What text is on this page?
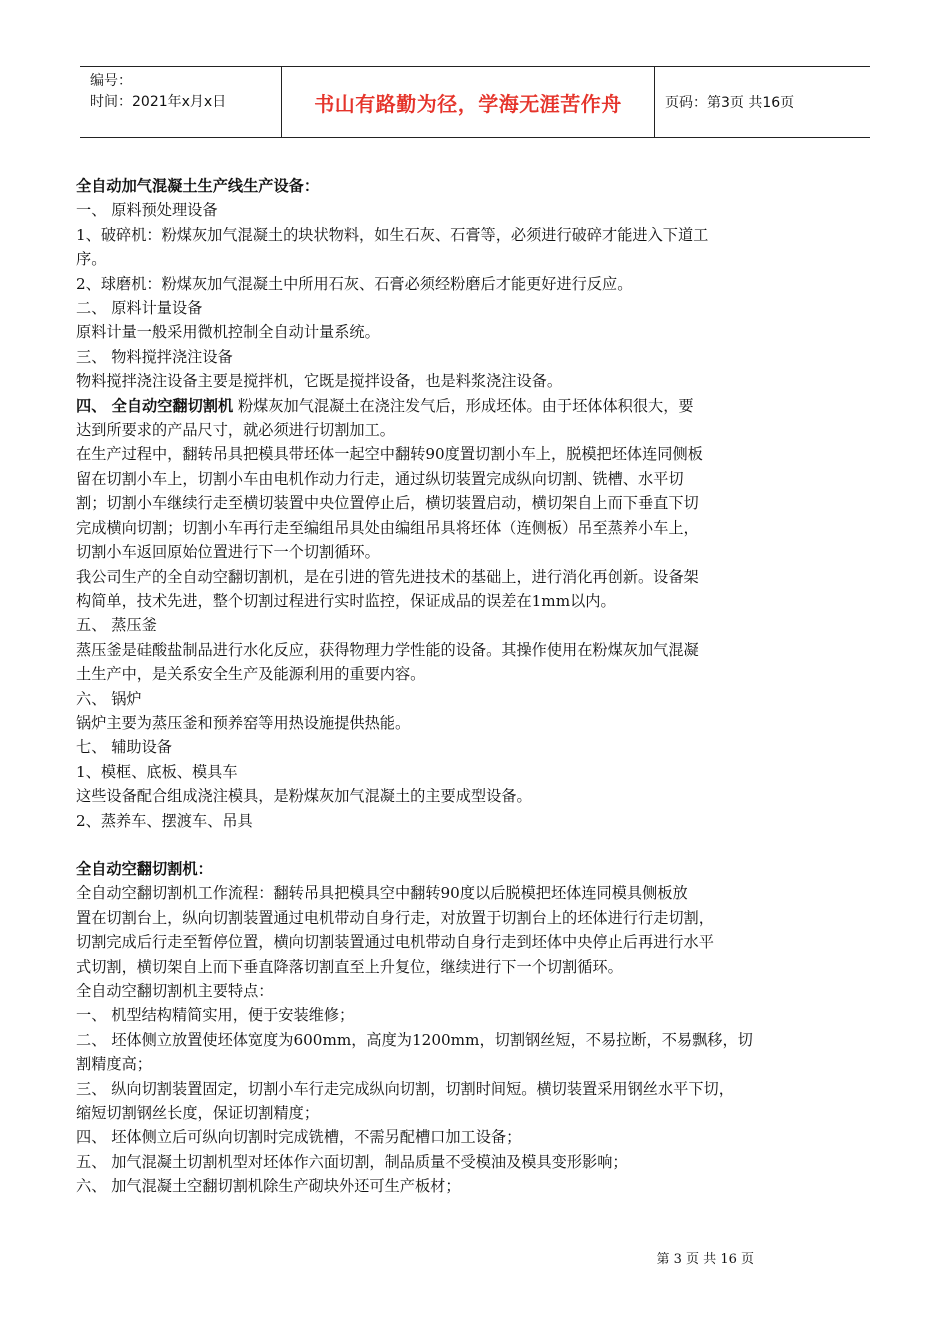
编号：
时间：2021年x月x日	书山有路勤为径，学海无涯苦作舟	页码：第3页 共16页
全自动加气混凝土生产线生产设备：
一、 原料预处理设备
1、破碎机：粉煤灰加气混凝土的块状物料，如生石灰、石膏等，必须进行破碎才能进入下道工
序。
2、球磨机：粉煤灰加气混凝土中所用石灰、石膏必须经粉磨后才能更好进行反应。
二、 原料计量设备
原料计量一般采用微机控制全自动计量系统。
三、 物料搅拌浇注设备
物料搅拌浇注设备主要是搅拌机，它既是搅拌设备，也是料浆浇注设备。
四、 全自动空翻切割机 粉煤灰加气混凝土在浇注发气后，形成坯体。由于坯体体积很大，要
达到所要求的产品尺寸，就必须进行切割加工。
在生产过程中，翻转吊具把模具带坯体一起空中翻转90度置切割小车上，脱模把坯体连同侧板
留在切割小车上，切割小车由电机作动力行走，通过纵切装置完成纵向切割、铣槽、水平切
割；切割小车继续行走至横切装置中央位置停止后，横切装置启动，横切架自上而下垂直下切
完成横向切割；切割小车再行走至编组吊具处由编组吊具将坯体（连侧板）吊至蒸养小车上，
切割小车返回原始位置进行下一个切割循环。
我公司生产的全自动空翻切割机，是在引进的管先进技术的基础上，进行消化再创新。设备架
构简单，技术先进，整个切割过程进行实时监控，保证成品的误差在1mm以内。
五、 蒸压釜
蒸压釜是硅酸盐制品进行水化反应，获得物理力学性能的设备。其操作使用在粉煤灰加气混凝
土生产中，是关系安全生产及能源利用的重要内容。
六、 锅炉
锅炉主要为蒸压釜和预养窑等用热设施提供热能。
七、 辅助设备
1、模框、底板、模具车
这些设备配合组成浇注模具，是粉煤灰加气混凝土的主要成型设备。
2、蒸养车、摆渡车、吊具
全自动空翻切割机：
全自动空翻切割机工作流程：翻转吊具把模具空中翻转90度以后脱模把坯体连同模具侧板放
置在切割台上，纵向切割装置通过电机带动自身行走，对放置于切割台上的坯体进行行走切割，
切割完成后行走至暂停位置，横向切割装置通过电机带动自身行走到坯体中央停止后再进行水平
式切割，横切架自上而下垂直降落切割直至上升复位，继续进行下一个切割循环。
全自动空翻切割机主要特点：
一、 机型结构精简实用，便于安装维修；
二、 坯体侧立放置使坯体宽度为600mm，高度为1200mm，切割钢丝短，不易拉断，不易飘移，切
割精度高；
三、 纵向切割装置固定，切割小车行走完成纵向切割，切割时间短。横切装置采用钢丝水平下切，
缩短切割钢丝长度，保证切割精度；
四、 坯体侧立后可纵向切割时完成铣槽，不需另配槽口加工设备；
五、 加气混凝土切割机型对坯体作六面切割，制品质量不受模油及模具变形影响；
六、 加气混凝土空翻切割机除生产砌块外还可生产板材；
第 3 页 共 16 页
